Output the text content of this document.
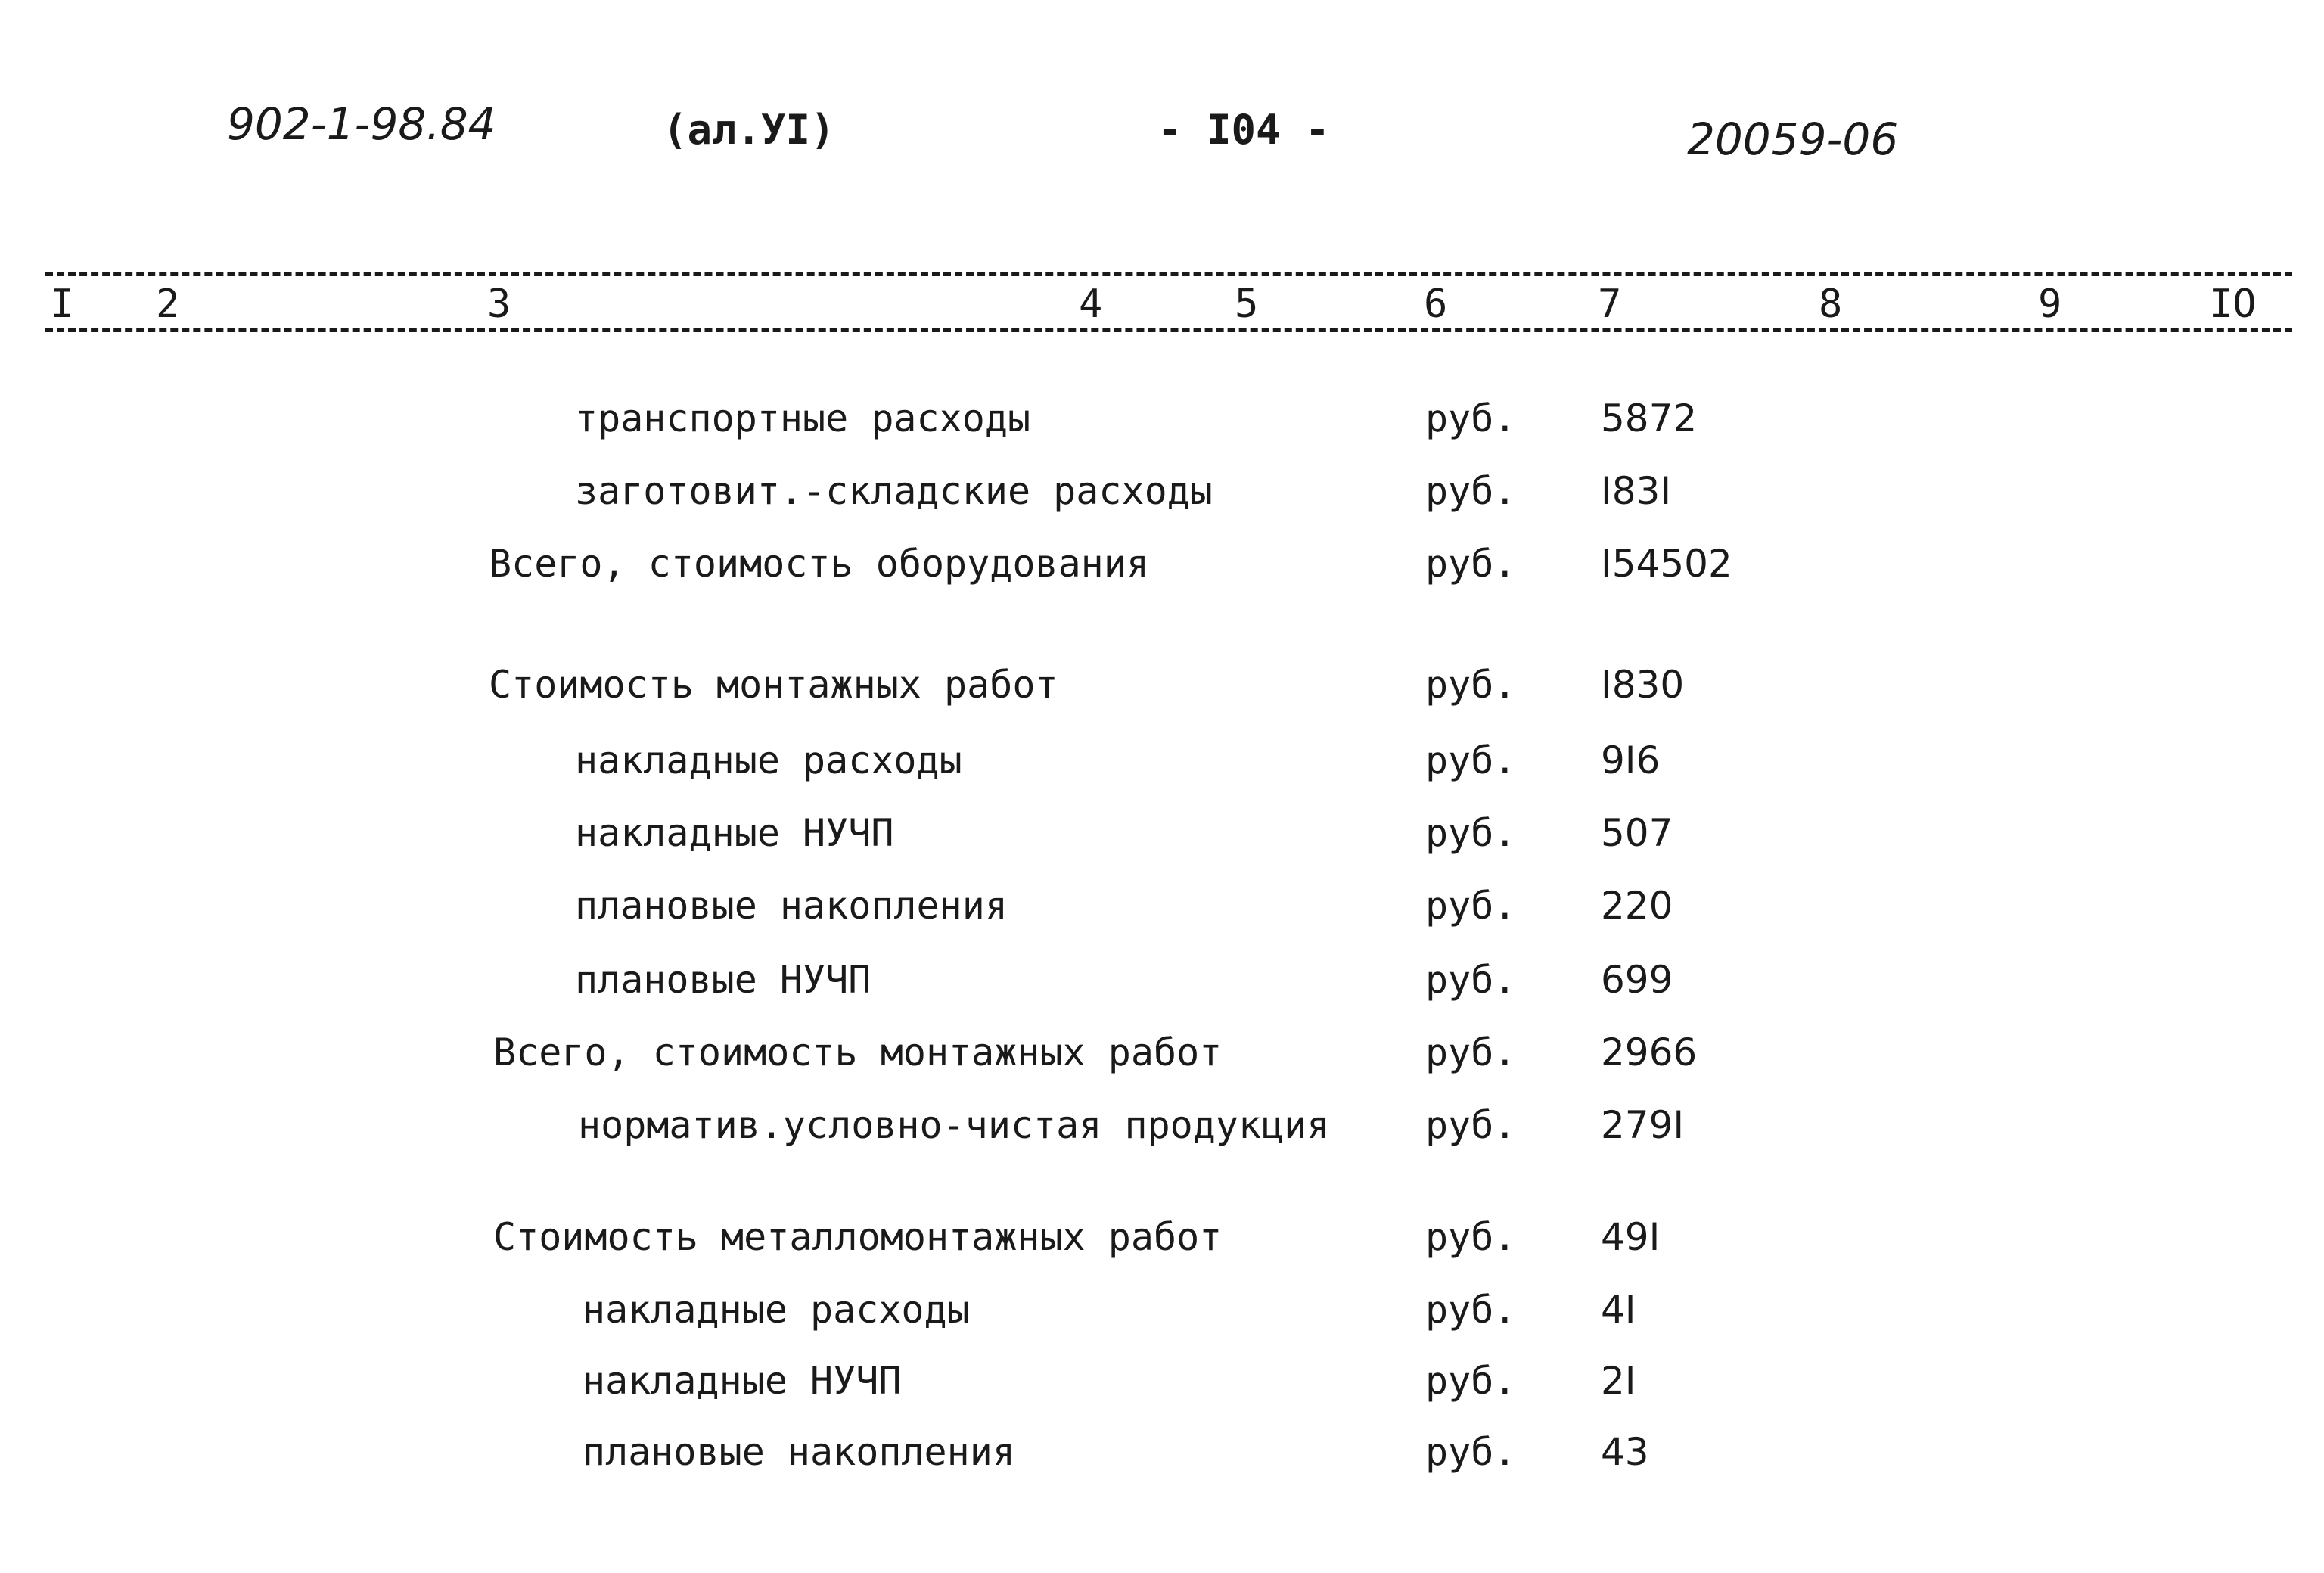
902-1-98.84	(ал.УI)	- I04 -	20059-06
I 2	3	4	5	6	7	8	9	IO
транспортные расходы	руб. 5872
заготовит.-складские расходы	руб. I83I
Всего, стоимость оборудования	руб. I54502
Стоимость монтажных работ	руб. I830
накладные расходы	руб. 9I6
накладные НУЧП	руб. 507
плановые накопления	руб. 220
плановые НУЧП	руб. 699
Всего, стоимость монтажных работ	руб. 2966
норматив.условно-чистая продукция	руб. 279I
Стоимость металломонтажных работ	руб. 49I
накладные расходы	руб. 4I
накладные НУЧП	руб. 2I
плановые накопления	руб. 43
